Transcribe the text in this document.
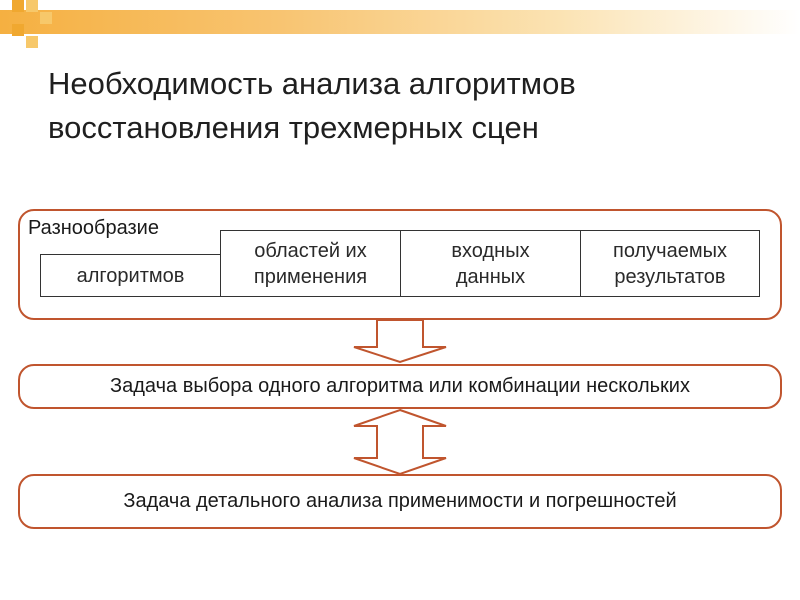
Необходимость анализа алгоритмов
восстановления трехмерных сцен
Разнообразие
алгоритмов
областей их
применения
входных
данных
получаемых
результатов
Задача выбора одного алгоритма или комбинации нескольких
Задача детального анализа применимости и погрешностей
